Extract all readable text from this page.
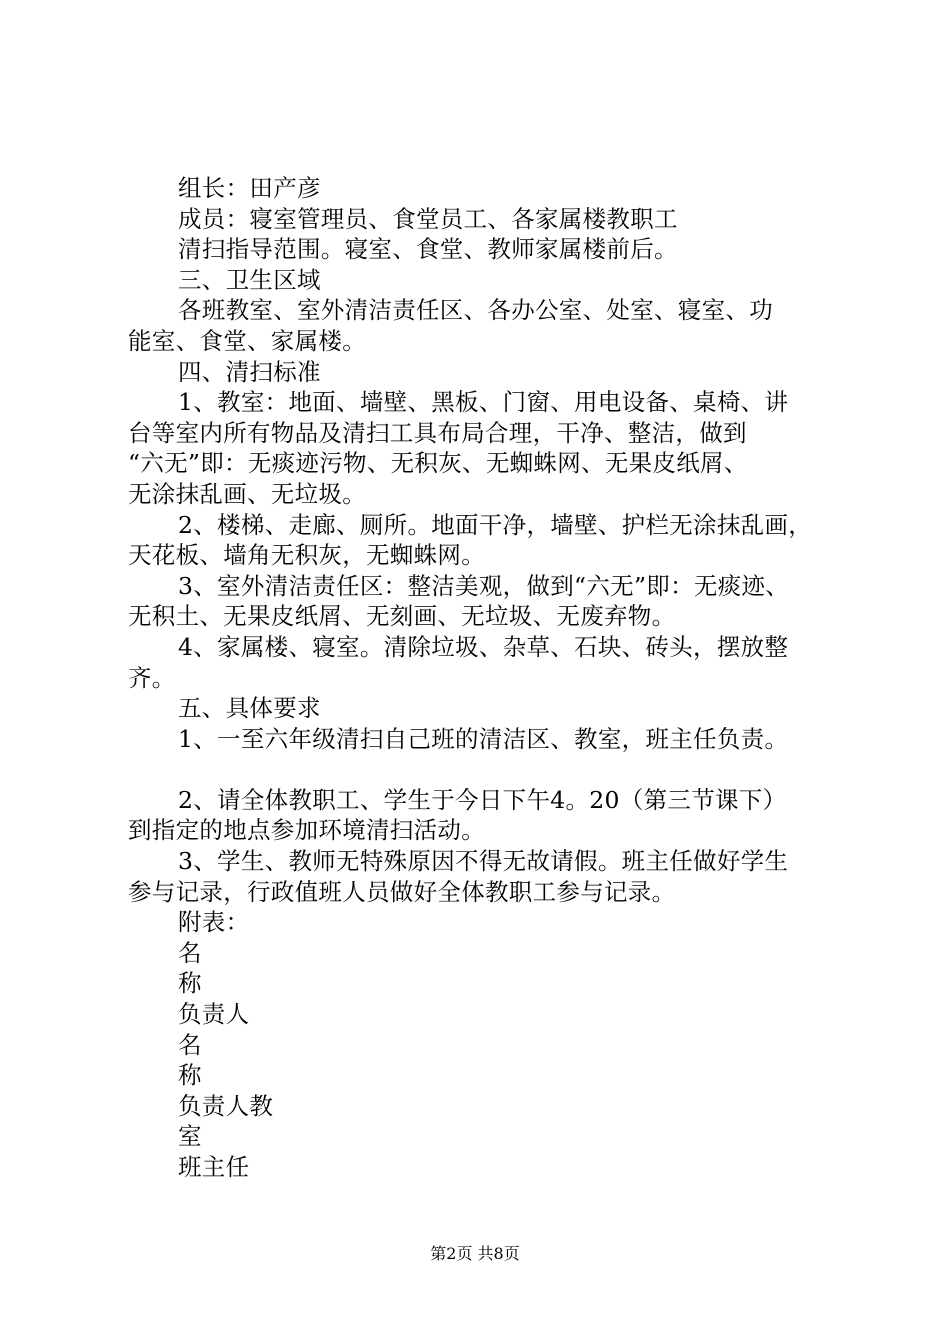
组长：田产彦
成员：寝室管理员、食堂员工、各家属楼教职工
清扫指导范围。寝室、食堂、教师家属楼前后。
三、卫生区域
各班教室、室外清洁责任区、各办公室、处室、寝室、功
能室、食堂、家属楼。
四、清扫标准
1、教室：地面、墙壁、黑板、门窗、用电设备、桌椅、讲
台等室内所有物品及清扫工具布局合理，干净、整洁，做到
“六无”即：无痰迹污物、无积灰、无蜘蛛网、无果皮纸屑、
无涂抹乱画、无垃圾。
2、楼梯、走廊、厕所。地面干净，墙壁、护栏无涂抹乱画，
天花板、墙角无积灰，无蜘蛛网。
3、室外清洁责任区：整洁美观，做到“六无”即：无痰迹、
无积土、无果皮纸屑、无刻画、无垃圾、无废弃物。
4、家属楼、寝室。清除垃圾、杂草、石块、砖头，摆放整
齐。
五、具体要求
1、一至六年级清扫自己班的清洁区、教室，班主任负责。
2、请全体教职工、学生于今日下午4。20（第三节课下）
到指定的地点参加环境清扫活动。
3、学生、教师无特殊原因不得无故请假。班主任做好学生
参与记录，行政值班人员做好全体教职工参与记录。
附表：
名
称
负责人
名
称
负责人教
室
班主任
第2页 共8页
